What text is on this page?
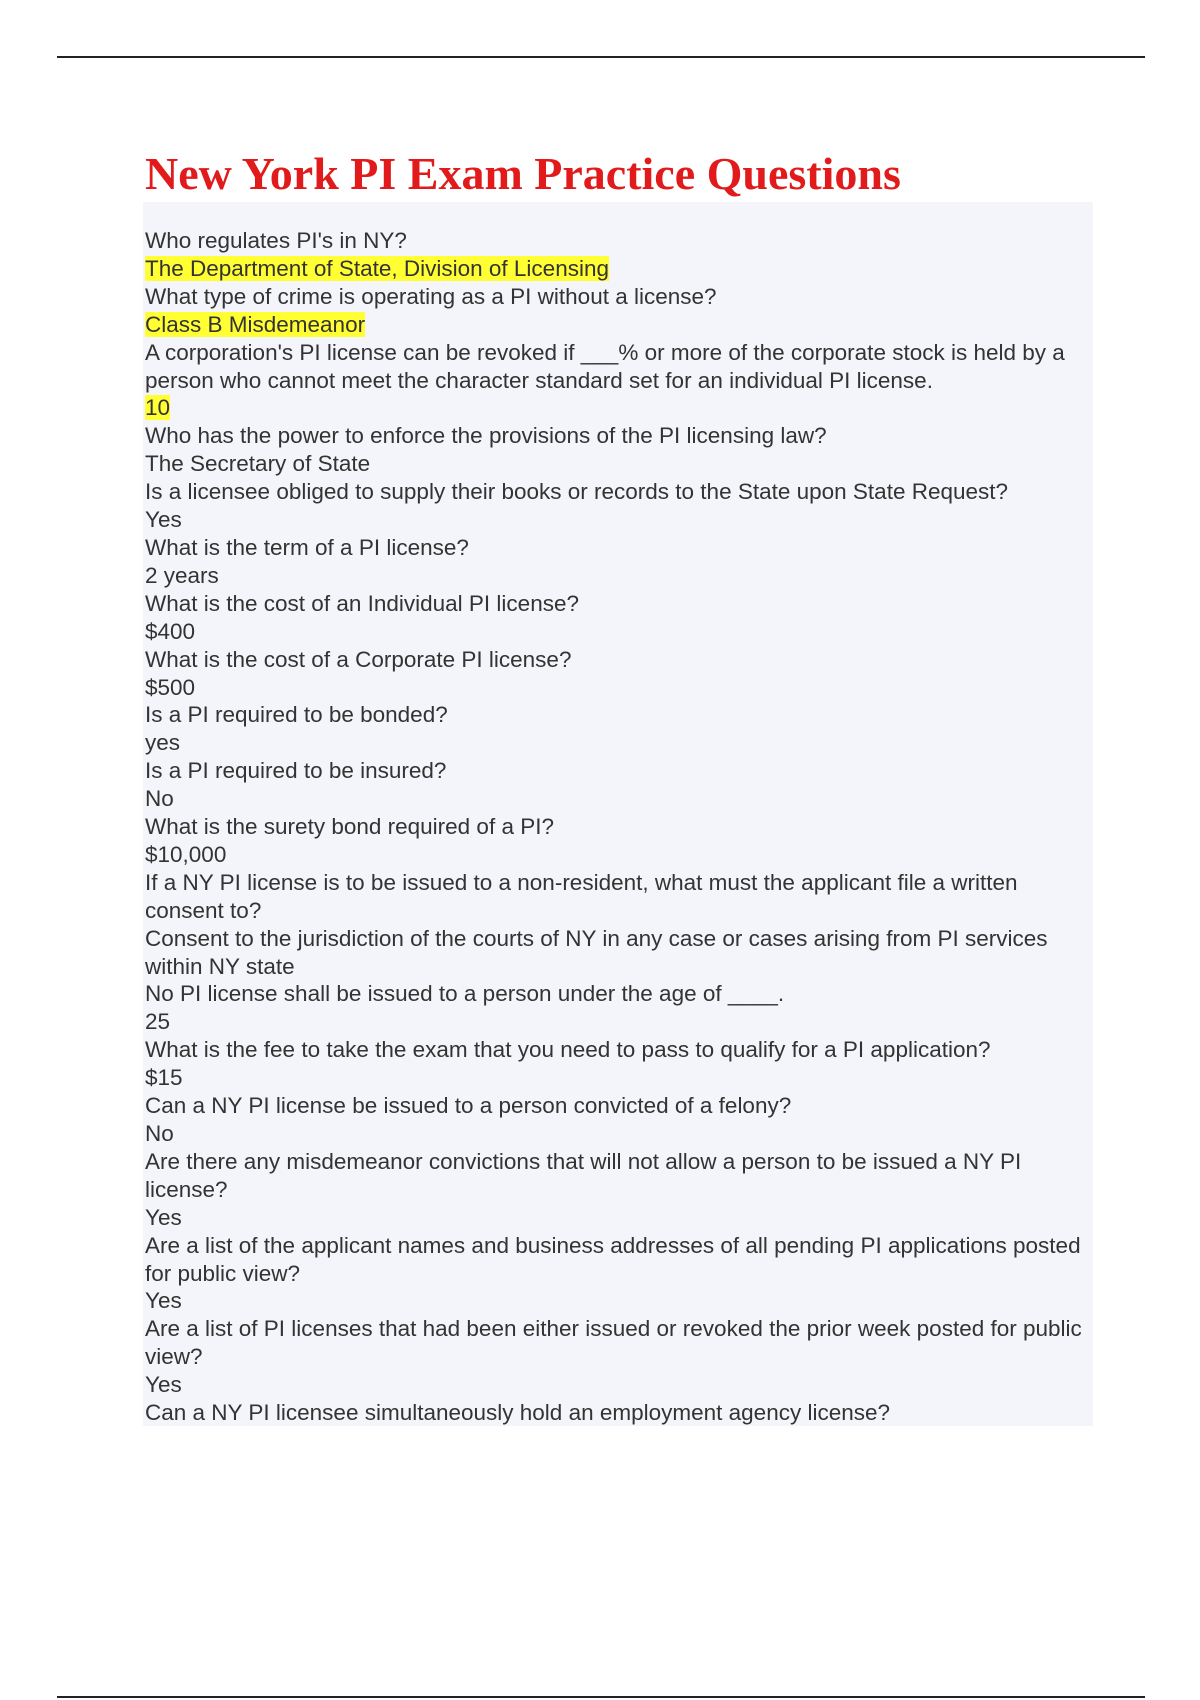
New York PI Exam Practice Questions
Who regulates PI's in NY?
The Department of State, Division of Licensing
What type of crime is operating as a PI without a license?
Class B Misdemeanor
A corporation's PI license can be revoked if ___% or more of the corporate stock is held by a person who cannot meet the character standard set for an individual PI license.
10
Who has the power to enforce the provisions of the PI licensing law?
The Secretary of State
Is a licensee obliged to supply their books or records to the State upon State Request?
Yes
What is the term of a PI license?
2 years
What is the cost of an Individual PI license?
$400
What is the cost of a Corporate PI license?
$500
Is a PI required to be bonded?
yes
Is a PI required to be insured?
No
What is the surety bond required of a PI?
$10,000
If a NY PI license is to be issued to a non-resident, what must the applicant file a written consent to?
Consent to the jurisdiction of the courts of NY in any case or cases arising from PI services within NY state
No PI license shall be issued to a person under the age of ____.
25
What is the fee to take the exam that you need to pass to qualify for a PI application?
$15
Can a NY PI license be issued to a person convicted of a felony?
No
Are there any misdemeanor convictions that will not allow a person to be issued a NY PI license?
Yes
Are a list of the applicant names and business addresses of all pending PI applications posted for public view?
Yes
Are a list of PI licenses that had been either issued or revoked the prior week posted for public view?
Yes
Can a NY PI licensee simultaneously hold an employment agency license?
